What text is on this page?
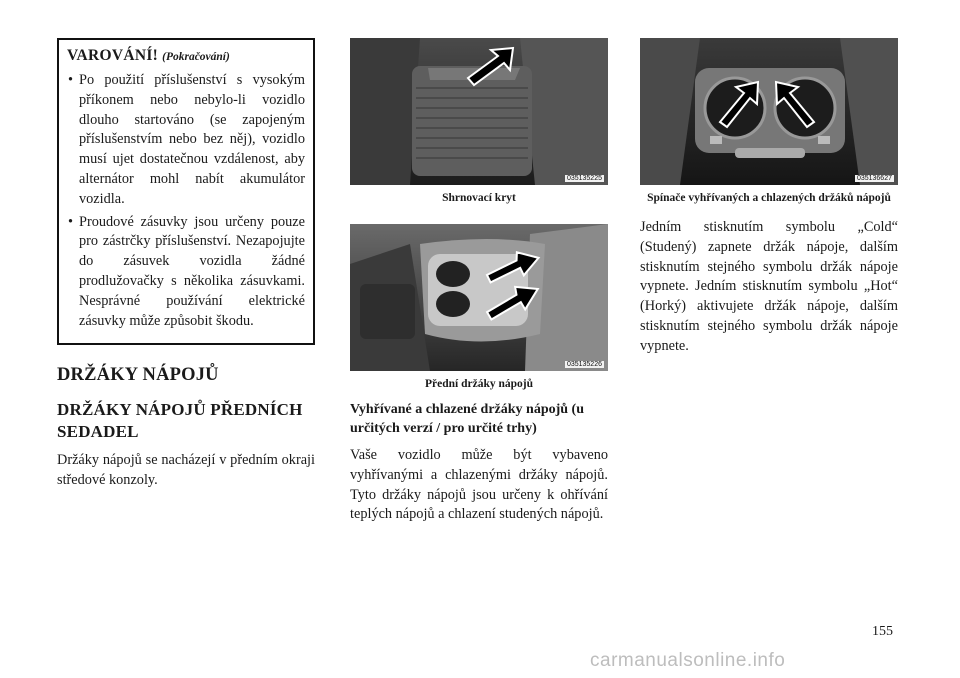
VAROVÁNÍ! (Pokračování)
• Po použití příslušenství s vysokým příkonem nebo nebylo-li vozidlo dlouho startováno (se zapojeným příslušenstvím nebo bez něj), vozidlo musí ujet dostatečnou vzdálenost, aby alternátor mohl nabít akumulátor vozidla.
• Proudové zásuvky jsou určeny pouze pro zástrčky příslušenství. Nezapojujte do zásuvek vozidla žádné prodlužovačky s několika zásuvkami. Nesprávné používání elektrické zásuvky může způsobit škodu.
DRŽÁKY NÁPOJŮ
DRŽÁKY NÁPOJŮ PŘEDNÍCH SEDADEL

Držáky nápojů se nacházejí v předním okraji středové konzoly.

035135225
Shrnovací kryt
035135226
Přední držáky nápojů
Vyhřívané a chlazené držáky nápojů (u určitých verzí / pro určité trhy)

Vaše vozidlo může být vybaveno vyhřívanými a chlazenými držáky nápojů. Tyto držáky nápojů jsou určeny k ohřívání teplých nápojů a chlazení studených nápojů.

035136627
Spínače vyhřívaných a chlazených držáků nápojů

Jedním stisknutím symbolu „Cold“ (Studený) zapnete držák nápoje, dalším stisknutím stejného symbolu držák nápoje vypnete. Jedním stisknutím symbolu „Hot“ (Horký) aktivujete držák nápoje, dalším stisknutím stejného symbolu držák nápoje vypnete.

155
carmanualsonline.info
